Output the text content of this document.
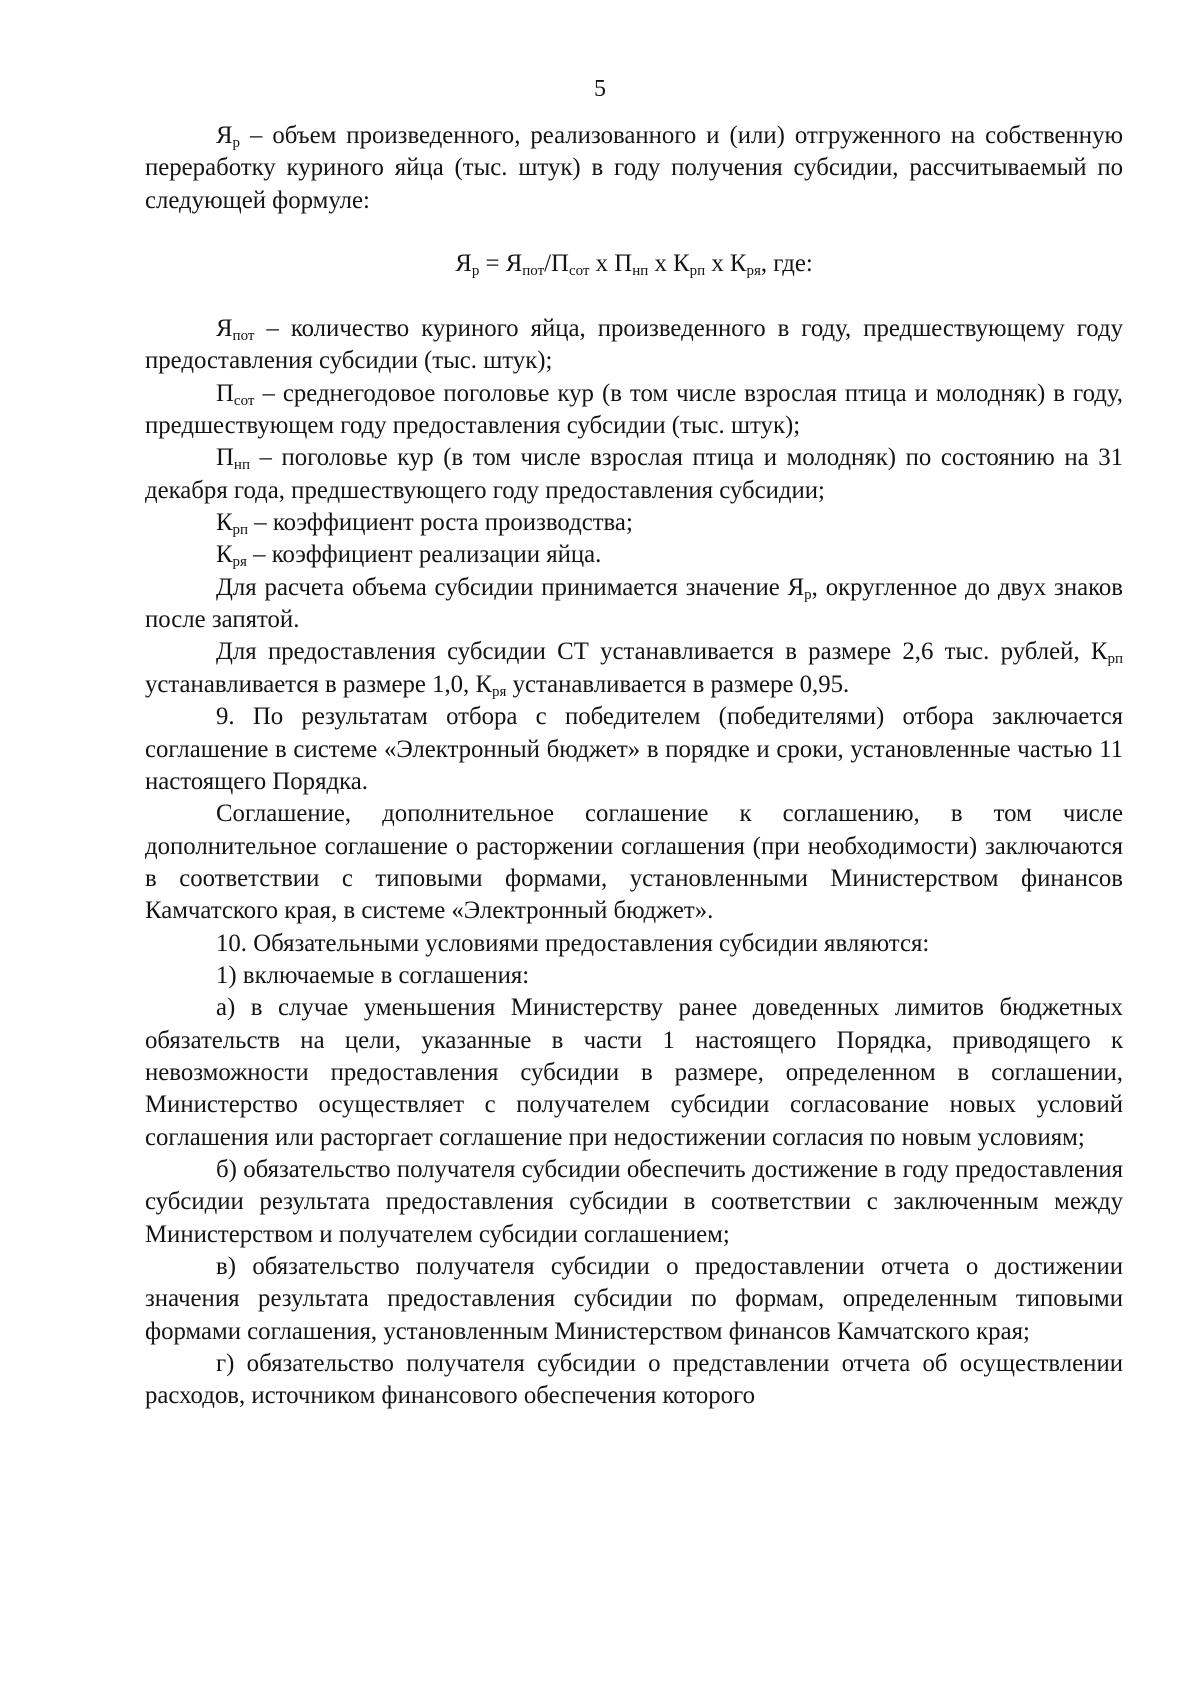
5

$Я_р$ – объем произведенного, реализованного и (или) отгруженного на собственную переработку куриного яйца (тыс. штук) в году получения субсидии, рассчитываемый по следующей формуле:

$Я_р = Я_{пот}/П_{сот}$ х $П_{нп}$ х $К_{рп}$ х $К_{ря}$, где:

$Я_{пот}$ – количество куриного яйца, произведенного в году, предшествующему году предоставления субсидии (тыс. штук);

$П_{сот}$ – среднегодовое поголовье кур (в том числе взрослая птица и молодняк) в году, предшествующем году предоставления субсидии (тыс. штук);

$П_{нп}$ – поголовье кур (в том числе взрослая птица и молодняк) по состоянию на 31 декабря года, предшествующего году предоставления субсидии;

$К_{рп}$ – коэффициент роста производства;

$К_{ря}$ – коэффициент реализации яйца.

Для расчета объема субсидии принимается значение $Я_р$, округленное до двух знаков после запятой.

Для предоставления субсидии СТ устанавливается в размере 2,6 тыс. рублей, $К_{рп}$ устанавливается в размере 1,0, $К_{ря}$ устанавливается в размере 0,95.

9. По результатам отбора с победителем (победителями) отбора заключается соглашение в системе «Электронный бюджет» в порядке и сроки, установленные частью 11 настоящего Порядка.

Соглашение, дополнительное соглашение к соглашению, в том числе дополнительное соглашение о расторжении соглашения (при необходимости) заключаются в соответствии с типовыми формами, установленными Министерством финансов Камчатского края, в системе «Электронный бюджет».

10. Обязательными условиями предоставления субсидии являются:

1) включаемые в соглашения:

а) в случае уменьшения Министерству ранее доведенных лимитов бюджетных обязательств на цели, указанные в части 1 настоящего Порядка, приводящего к невозможности предоставления субсидии в размере, определенном в соглашении, Министерство осуществляет с получателем субсидии согласование новых условий соглашения или расторгает соглашение при недостижении согласия по новым условиям;

б) обязательство получателя субсидии обеспечить достижение в году предоставления субсидии результата предоставления субсидии в соответствии с заключенным между Министерством и получателем субсидии соглашением;

в) обязательство получателя субсидии о предоставлении отчета о достижении значения результата предоставления субсидии по формам, определенным типовыми формами соглашения, установленным Министерством финансов Камчатского края;

г) обязательство получателя субсидии о представлении отчета об осуществлении расходов, источником финансового обеспечения которого
